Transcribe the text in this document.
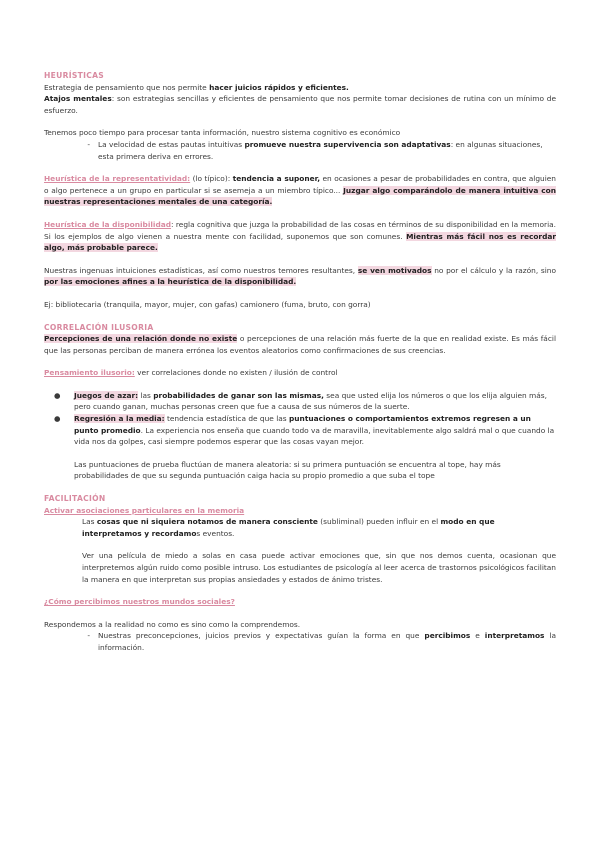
HEURÍSTICAS

Estrategia de pensamiento que nos permite hacer juicios rápidos y eficientes.

Atajos mentales: son estrategias sencillas y eficientes de pensamiento que nos permite tomar decisiones de rutina con un mínimo de esfuerzo.

Tenemos poco tiempo para procesar tanta información, nuestro sistema cognitivo es económico

-	La velocidad de estas pautas intuitivas promueve nuestra supervivencia son adaptativas: en algunas situaciones, esta primera deriva en errores.

Heurística de la representatividad: (lo típico): tendencia a suponer, en ocasiones a pesar de probabilidades en contra, que alguien o algo pertenece a un grupo en particular si se asemeja a un miembro típico... Juzgar algo comparándolo de manera intuitiva con nuestras representaciones mentales de una categoría.

Heurística de la disponibilidad: regla cognitiva que juzga la probabilidad de las cosas en términos de su disponibilidad en la memoria. Si los ejemplos de algo vienen a nuestra mente con facilidad, suponemos que son comunes. Mientras más fácil nos es recordar algo, más probable parece.

Nuestras ingenuas intuiciones estadísticas, así como nuestros temores resultantes, se ven motivados no por el cálculo y la razón, sino por las emociones afines a la heurística de la disponibilidad.

Ej: bibliotecaria (tranquila, mayor, mujer, con gafas) camionero (fuma, bruto, con gorra)

CORRELACIÓN ILUSORIA

Percepciones de una relación donde no existe o percepciones de una relación más fuerte de la que en realidad existe. Es más fácil que las personas perciban de manera errónea los eventos aleatorios como confirmaciones de sus creencias.

Pensamiento ilusorio: ver correlaciones donde no existen / ilusión de control

●	Juegos de azar: las probabilidades de ganar son las mismas, sea que usted elija los números o que los elija alguien más, pero cuando ganan, muchas personas creen que fue a causa de sus números de la suerte.
●	Regresión a la media: tendencia estadística de que las puntuaciones o comportamientos extremos regresen a un punto promedio. La experiencia nos enseña que cuando todo va de maravilla, inevitablemente algo saldrá mal o que cuando la vida nos da golpes, casi siempre podemos esperar que las cosas vayan mejor.

Las puntuaciones de prueba fluctúan de manera aleatoria: si su primera puntuación se encuentra al tope, hay más probabilidades de que su segunda puntuación caiga hacia su propio promedio a que suba el tope

FACILITACIÓN

Activar asociaciones particulares en la memoria

Las cosas que ni siquiera notamos de manera consciente (subliminal) pueden influir en el modo en que interpretamos y recordamos eventos.

Ver una película de miedo a solas en casa puede activar emociones que, sin que nos demos cuenta, ocasionan que interpretemos algún ruido como posible intruso. Los estudiantes de psicología al leer acerca de trastornos psicológicos facilitan la manera en que interpretan sus propias ansiedades y estados de ánimo tristes.

¿Cómo percibimos nuestros mundos sociales?

Respondemos a la realidad no como es sino como la comprendemos.

-	Nuestras preconcepciones, juicios previos y expectativas guían la forma en que percibimos e interpretamos la información.
